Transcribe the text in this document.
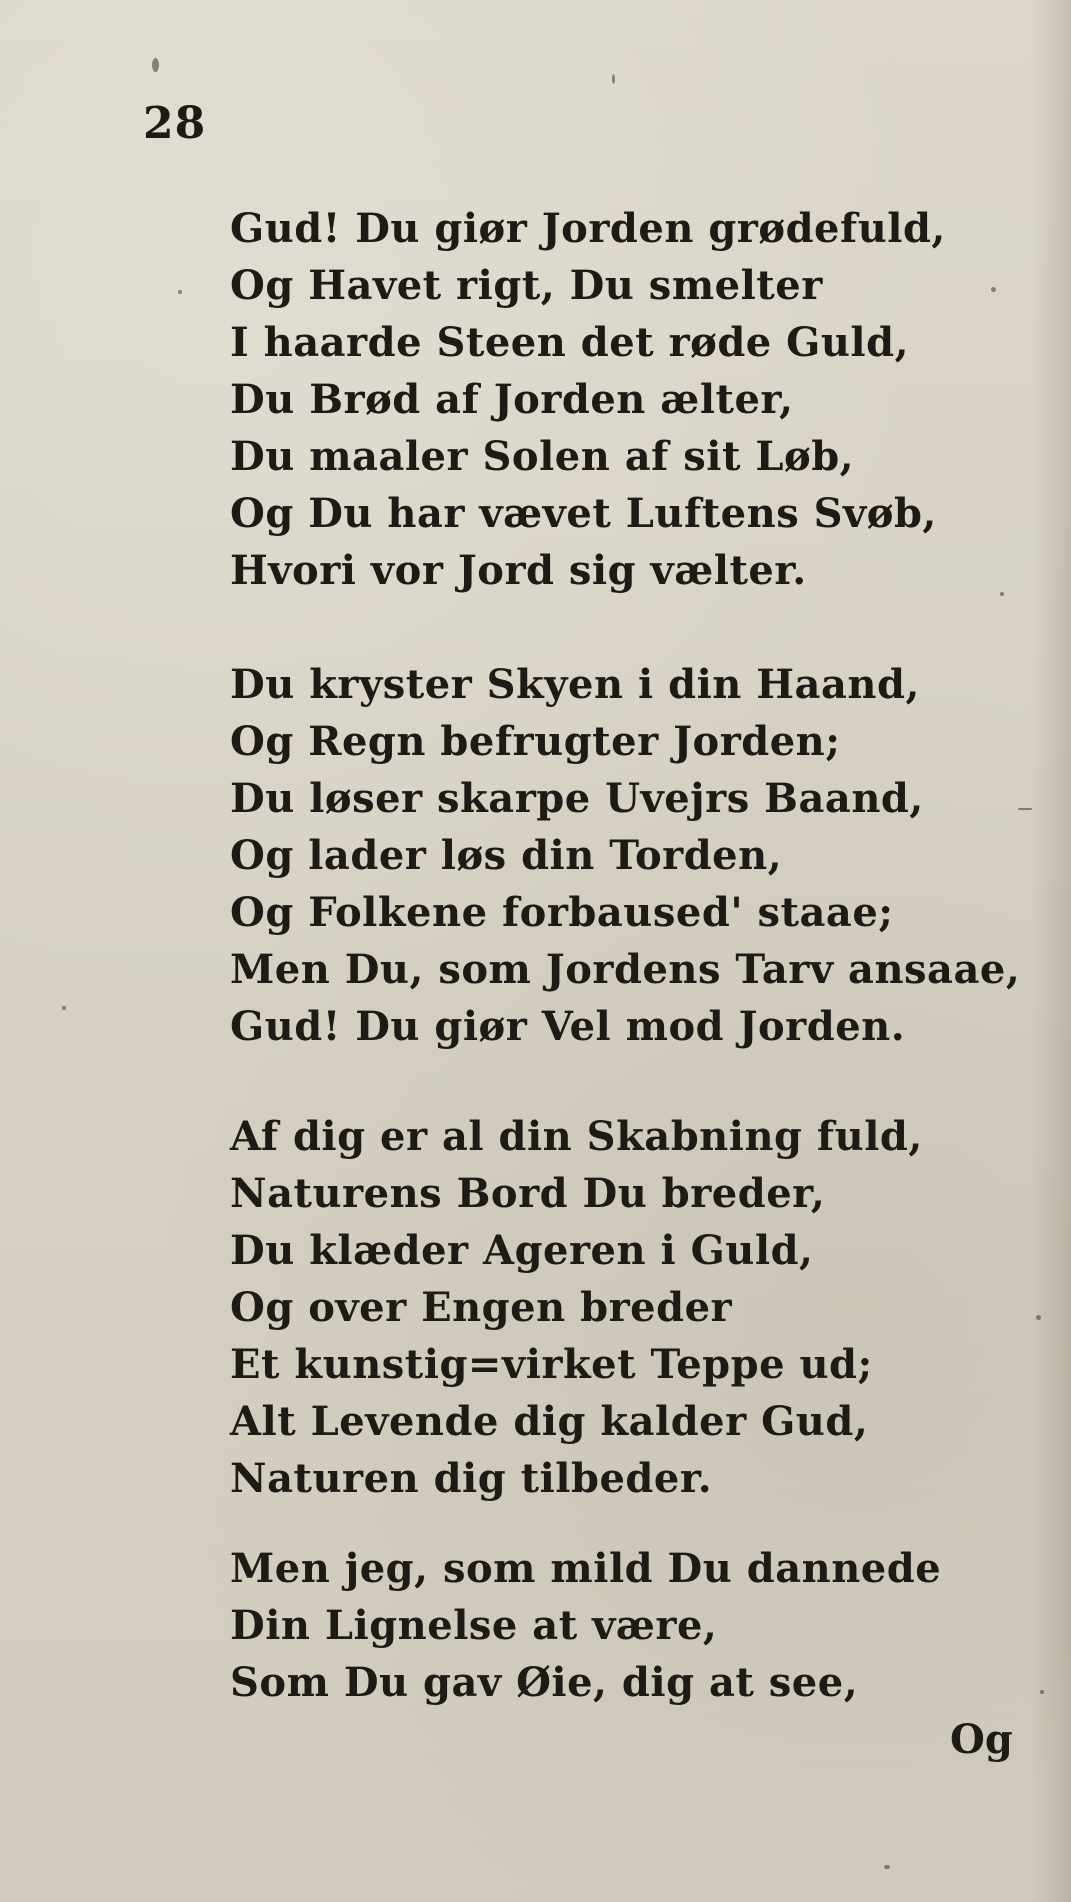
28
Gud! Du giør Jorden grødefuld,
Og Havet rigt, Du smelter
I haarde Steen det røde Guld,
Du Brød af Jorden ælter,
Du maaler Solen af sit Løb,
Og Du har vævet Luftens Svøb,
Hvori vor Jord sig vælter.
Du kryster Skyen i din Haand,
Og Regn befrugter Jorden;
Du løser skarpe Uvejrs Baand,
Og lader løs din Torden,
Og Folkene forbaused' staae;
Men Du, som Jordens Tarv ansaae,
Gud! Du giør Vel mod Jorden.
Af dig er al din Skabning fuld,
Naturens Bord Du breder,
Du klæder Ageren i Guld,
Og over Engen breder
Et kunstig=virket Teppe ud;
Alt Levende dig kalder Gud,
Naturen dig tilbeder.
Men jeg, som mild Du dannede
Din Lignelse at være,
Som Du gav Øie, dig at see,
Og
